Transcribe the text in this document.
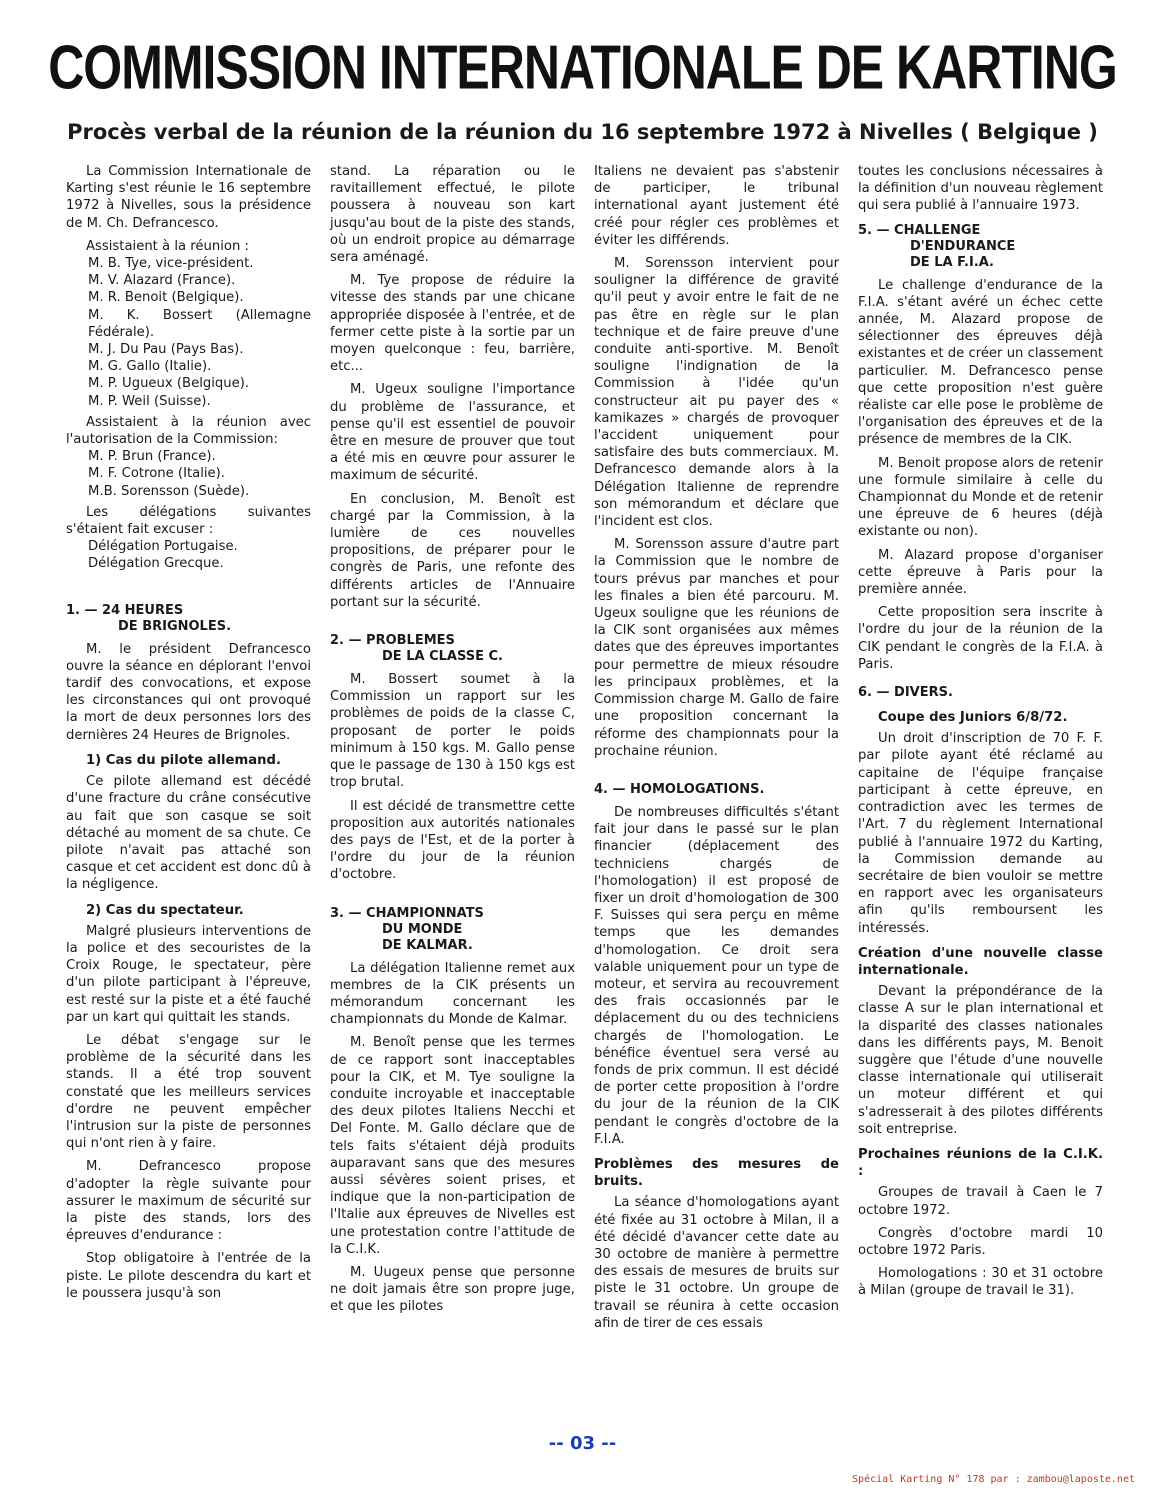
COMMISSION INTERNATIONALE DE KARTING
Procès verbal de la réunion de la réunion du 16 septembre 1972 à Nivelles ( Belgique )

La Commission Internationale de Karting s'est réunie le 16 septembre 1972 à Nivelles, sous la présidence de M. Ch. Defrancesco.

Assistaient à la réunion :

M. B. Tye, vice-président.
M. V. Alazard (France).
M. R. Benoit (Belgique).
M. K. Bossert (Allemagne Fédérale).
M. J. Du Pau (Pays Bas).
M. G. Gallo (Italie).
M. P. Ugueux (Belgique).
M. P. Weil (Suisse).

Assistaient à la réunion avec l'autorisation de la Commission:

M. P. Brun (France).
M. F. Cotrone (Italie).
M.B. Sorensson (Suède).

Les délégations suivantes s'étaient fait excuser :

Délégation Portugaise.
Délégation Grecque.
1. — 24 HEURES
DE BRIGNOLES.

M. le président Defrancesco ouvre la séance en déplorant l'envoi tardif des convocations, et expose les circonstances qui ont provoqué la mort de deux personnes lors des dernières 24 Heures de Brignoles.

1) Cas du pilote allemand.

Ce pilote allemand est décédé d'une fracture du crâne consécutive au fait que son casque se soit détaché au moment de sa chute. Ce pilote n'avait pas attaché son casque et cet accident est donc dû à la négligence.

2) Cas du spectateur.

Malgré plusieurs interventions de la police et des secouristes de la Croix Rouge, le spectateur, père d'un pilote participant à l'épreuve, est resté sur la piste et a été fauché par un kart qui quittait les stands.

Le débat s'engage sur le problème de la sécurité dans les stands. Il a été trop souvent constaté que les meilleurs services d'ordre ne peuvent empêcher l'intrusion sur la piste de personnes qui n'ont rien à y faire.

M. Defrancesco propose d'adopter la règle suivante pour assurer le maximum de sécurité sur la piste des stands, lors des épreuves d'endurance :

Stop obligatoire à l'entrée de la piste. Le pilote descendra du kart et le poussera jusqu'à son

stand. La réparation ou le ravitaillement effectué, le pilote poussera à nouveau son kart jusqu'au bout de la piste des stands, où un endroit propice au démarrage sera aménagé.

M. Tye propose de réduire la vitesse des stands par une chicane appropriée disposée à l'entrée, et de fermer cette piste à la sortie par un moyen quelconque : feu, barrière, etc...

M. Ugeux souligne l'importance du problème de l'assurance, et pense qu'il est essentiel de pouvoir être en mesure de prouver que tout a été mis en œuvre pour assurer le maximum de sécurité.

En conclusion, M. Benoît est chargé par la Commission, à la lumière de ces nouvelles propositions, de préparer pour le congrès de Paris, une refonte des différents articles de l'Annuaire portant sur la sécurité.

2. — PROBLEMES
DE LA CLASSE C.

M. Bossert soumet à la Commission un rapport sur les problèmes de poids de la classe C, proposant de porter le poids minimum à 150 kgs. M. Gallo pense que le passage de 130 à 150 kgs est trop brutal.

Il est décidé de transmettre cette proposition aux autorités nationales des pays de l'Est, et de la porter à l'ordre du jour de la réunion d'octobre.

3. — CHAMPIONNATS
DU MONDE
DE KALMAR.

La délégation Italienne remet aux membres de la CIK présents un mémorandum concernant les championnats du Monde de Kalmar.

M. Benoît pense que les termes de ce rapport sont inacceptables pour la CIK, et M. Tye souligne la conduite incroyable et inacceptable des deux pilotes Italiens Necchi et Del Fonte. M. Gallo déclare que de tels faits s'étaient déjà produits auparavant sans que des mesures aussi sévères soient prises, et indique que la non-participation de l'Italie aux épreuves de Nivelles est une protestation contre l'attitude de la C.I.K.

M. Uugeux pense que personne ne doit jamais être son propre juge, et que les pilotes

Italiens ne devaient pas s'abstenir de participer, le tribunal international ayant justement été créé pour régler ces problèmes et éviter les différends.

M. Sorensson intervient pour souligner la différence de gravité qu'il peut y avoir entre le fait de ne pas être en règle sur le plan technique et de faire preuve d'une conduite anti-sportive. M. Benoît souligne l'indignation de la Commission à l'idée qu'un constructeur ait pu payer des « kamikazes » chargés de provoquer l'accident uniquement pour satisfaire des buts commerciaux. M. Defrancesco demande alors à la Délégation Italienne de reprendre son mémorandum et déclare que l'incident est clos.

M. Sorensson assure d'autre part la Commission que le nombre de tours prévus par manches et pour les finales a bien été parcouru. M. Ugeux souligne que les réunions de la CIK sont organisées aux mêmes dates que des épreuves importantes pour permettre de mieux résoudre les principaux problèmes, et la Commission charge M. Gallo de faire une proposition concernant la réforme des championnats pour la prochaine réunion.

4. — HOMOLOGATIONS.

De nombreuses difficultés s'étant fait jour dans le passé sur le plan financier (déplacement des techniciens chargés de l'homologation) il est proposé de fixer un droit d'homologation de 300 F. Suisses qui sera perçu en même temps que les demandes d'homologation. Ce droit sera valable uniquement pour un type de moteur, et servira au recouvrement des frais occasionnés par le déplacement du ou des techniciens chargés de l'homologation. Le bénéfice éventuel sera versé au fonds de prix commun. Il est décidé de porter cette proposition à l'ordre du jour de la réunion de la CIK pendant le congrès d'octobre de la F.I.A.

Problèmes des mesures de bruits.

La séance d'homologations ayant été fixée au 31 octobre à Milan, il a été décidé d'avancer cette date au 30 octobre de manière à permettre des essais de mesures de bruits sur piste le 31 octobre. Un groupe de travail se réunira à cette occasion afin de tirer de ces essais

toutes les conclusions nécessaires à la définition d'un nouveau règlement qui sera publié à l'annuaire 1973.

5. — CHALLENGE
D'ENDURANCE
DE LA F.I.A.

Le challenge d'endurance de la F.I.A. s'étant avéré un échec cette année, M. Alazard propose de sélectionner des épreuves déjà existantes et de créer un classement particulier. M. Defrancesco pense que cette proposition n'est guère réaliste car elle pose le problème de l'organisation des épreuves et de la présence de membres de la CIK.

M. Benoit propose alors de retenir une formule similaire à celle du Championnat du Monde et de retenir une épreuve de 6 heures (déjà existante ou non).

M. Alazard propose d'organiser cette épreuve à Paris pour la première année.

Cette proposition sera inscrite à l'ordre du jour de la réunion de la CIK pendant le congrès de la F.I.A. à Paris.

6. — DIVERS.
Coupe des Juniors 6/8/72.

Un droit d'inscription de 70 F. F. par pilote ayant été réclamé au capitaine de l'équipe française participant à cette épreuve, en contradiction avec les termes de l'Art. 7 du règlement International publié à l'annuaire 1972 du Karting, la Commission demande au secrétaire de bien vouloir se mettre en rapport avec les organisateurs afin qu'ils remboursent les intéressés.

Création d'une nouvelle classe internationale.

Devant la prépondérance de la classe A sur le plan international et la disparité des classes nationales dans les différents pays, M. Benoit suggère que l'étude d'une nouvelle classe internationale qui utiliserait un moteur différent et qui s'adresserait à des pilotes différents soit entreprise.

Prochaines réunions de la C.I.K. :

Groupes de travail à Caen le 7 octobre 1972.

Congrès d'octobre mardi 10 octobre 1972 Paris.

Homologations : 30 et 31 octobre à Milan (groupe de travail le 31).

-- 03 --
Spécial Karting N° 178 par : zambou@laposte.net
